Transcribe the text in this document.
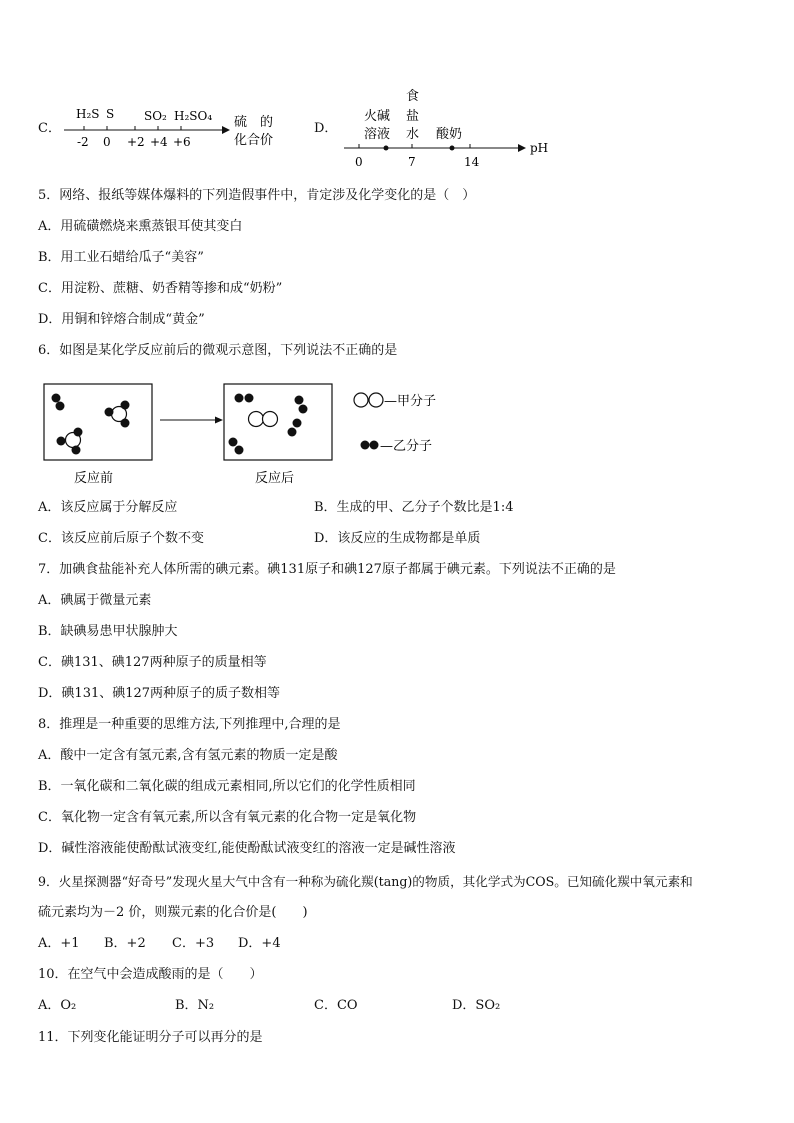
C．
H₂S S SO₂ H₂SO₄
-2 0 +2 +4 +6
硫　的
化合价
D．
火碱
溶液
食
盐
水 酸奶
0	7	14
pH
5．网络、报纸等媒体爆料的下列造假事件中，肯定涉及化学变化的是（　）
A．用硫磺燃烧来熏蒸银耳使其变白
B．用工业石蜡给瓜子“美容”
C．用淀粉、蔗糖、奶香精等掺和成“奶粉”
D．用铜和锌熔合制成“黄金”
6．如图是某化学反应前后的微观示意图，下列说法不正确的是
反应前	反应后
—甲分子
—乙分子
A．该反应属于分解反应	B．生成的甲、乙分子个数比是1:4
C．该反应前后原子个数不变	D．该反应的生成物都是单质
7．加碘食盐能补充人体所需的碘元素。碘131原子和碘127原子都属于碘元素。下列说法不正确的是
A．碘属于微量元素
B．缺碘易患甲状腺肿大
C．碘131、碘127两种原子的质量相等
D．碘131、碘127两种原子的质子数相等
8．推理是一种重要的思维方法,下列推理中,合理的是
A．酸中一定含有氢元素,含有氢元素的物质一定是酸
B．一氧化碳和二氧化碳的组成元素相同,所以它们的化学性质相同
C．氧化物一定含有氧元素,所以含有氧元素的化合物一定是氧化物
D．碱性溶液能使酚酞试液变红,能使酚酞试液变红的溶液一定是碱性溶液
9．火星探测器“好奇号”发现火星大气中含有一种称为硫化羰(tang)的物质，其化学式为COS。已知硫化羰中氧元素和
硫元素均为－2 价，则羰元素的化合价是(　　)
A．+1 B．+2 C．+3 D．+4
10．在空气中会造成酸雨的是（　　）
A．O₂	B．N₂	C．CO	D．SO₂
11．下列变化能证明分子可以再分的是
